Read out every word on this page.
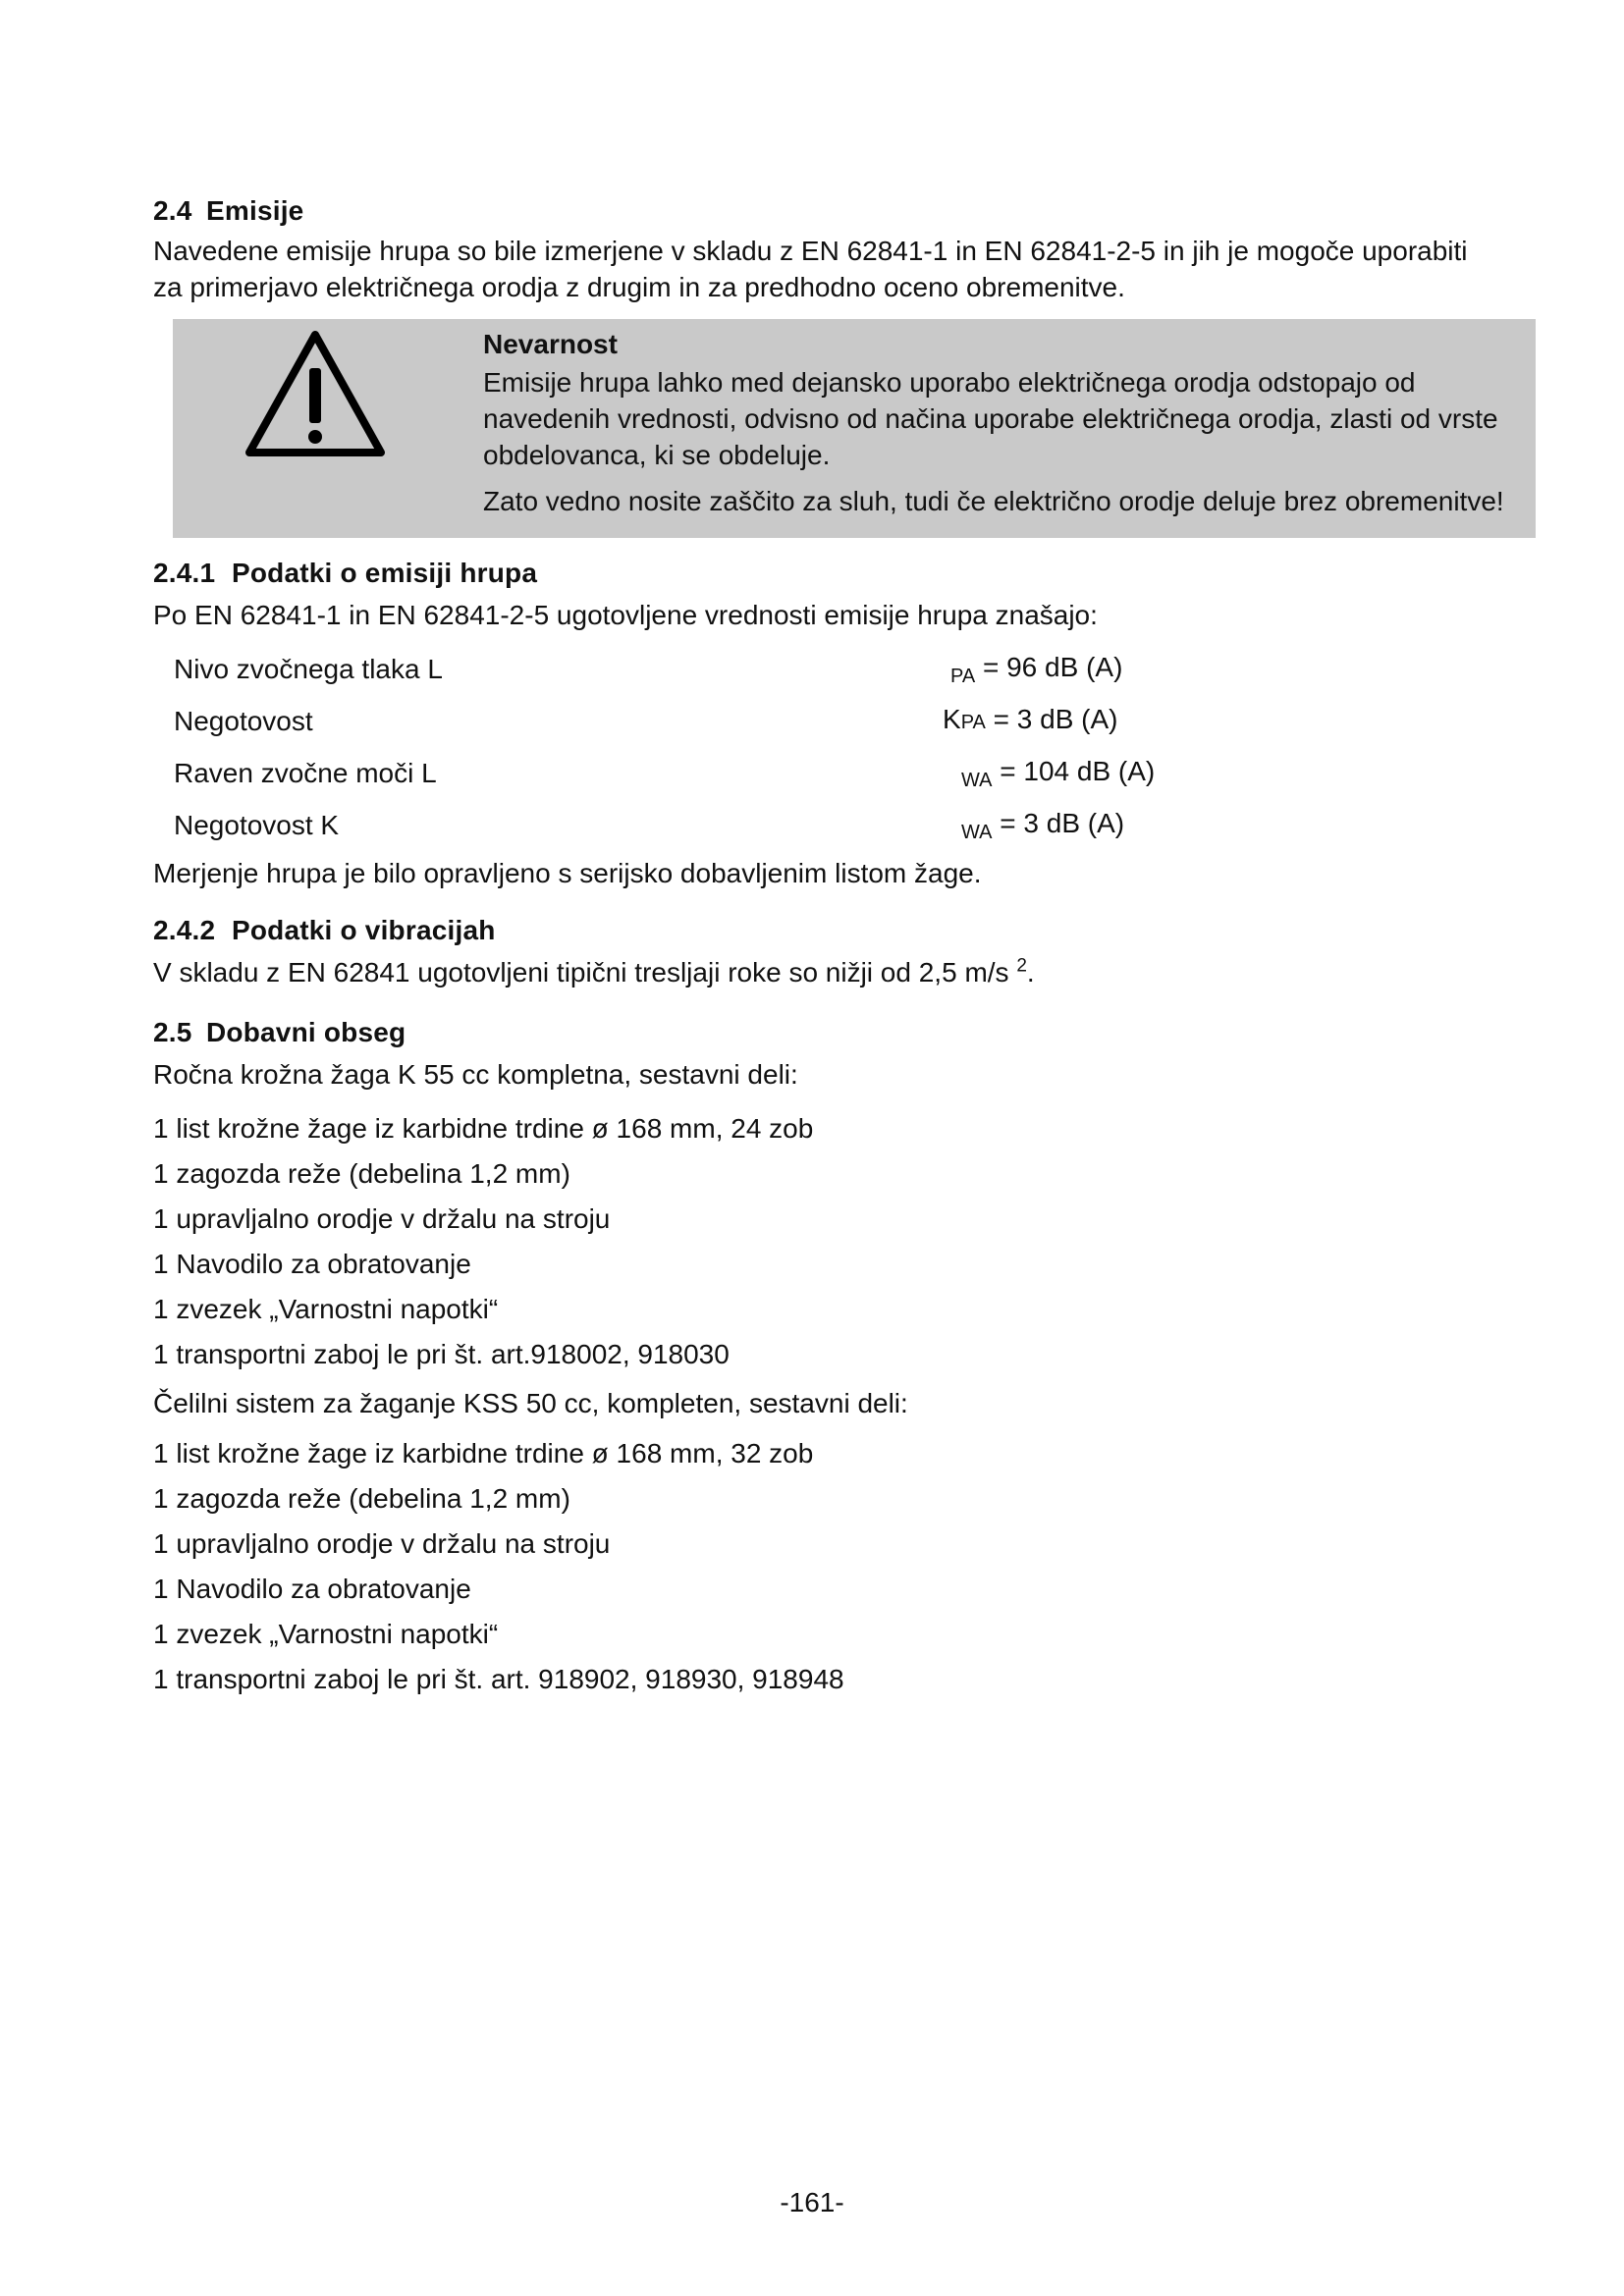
2.4 Emisije

Navedene emisije hrupa so bile izmerjene v skladu z EN 62841-1 in EN 62841-2-5 in jih je mogoče uporabiti za primerjavo električnega orodja z drugim in za predhodno oceno obremenitve.

Nevarnost
Emisije hrupa lahko med dejansko uporabo električnega orodja odstopajo od navedenih vrednosti, odvisno od načina uporabe električnega orodja, zlasti od vrste obdelovanca, ki se obdeluje.
Zato vedno nosite zaščito za sluh, tudi če električno orodje deluje brez obremenitve!
2.4.1 Podatki o emisiji hrupa

Po EN 62841-1 in EN 62841-2-5 ugotovljene vrednosti emisije hrupa znašajo:

Nivo zvočnega tlaka L	$_{PA}$ = 96 dB (A)
Negotovost	KPA = 3 dB (A)
Raven zvočne moči L	$_{WA}$ = 104 dB (A)
Negotovost K	$_{WA}$ = 3 dB (A)

Merjenje hrupa je bilo opravljeno s serijsko dobavljenim listom žage.

2.4.2 Podatki o vibracijah

V skladu z EN 62841 ugotovljeni tipični tresljaji roke so nižji od 2,5 m/s $^2$.

2.5 Dobavni obseg

Ročna krožna žaga K 55 cc kompletna, sestavni deli:

1 list krožne žage iz karbidne trdine ø 168 mm, 24 zob
1 zagozda reže (debelina 1,2 mm)
1 upravljalno orodje v držalu na stroju
1 Navodilo za obratovanje
1 zvezek „Varnostni napotki“
1 transportni zaboj le pri št. art.918002, 918030

Čelilni sistem za žaganje KSS 50 cc, kompleten, sestavni deli:

1 list krožne žage iz karbidne trdine ø 168 mm, 32 zob
1 zagozda reže (debelina 1,2 mm)
1 upravljalno orodje v držalu na stroju
1 Navodilo za obratovanje
1 zvezek „Varnostni napotki“
1 transportni zaboj le pri št. art. 918902, 918930, 918948
-161-
